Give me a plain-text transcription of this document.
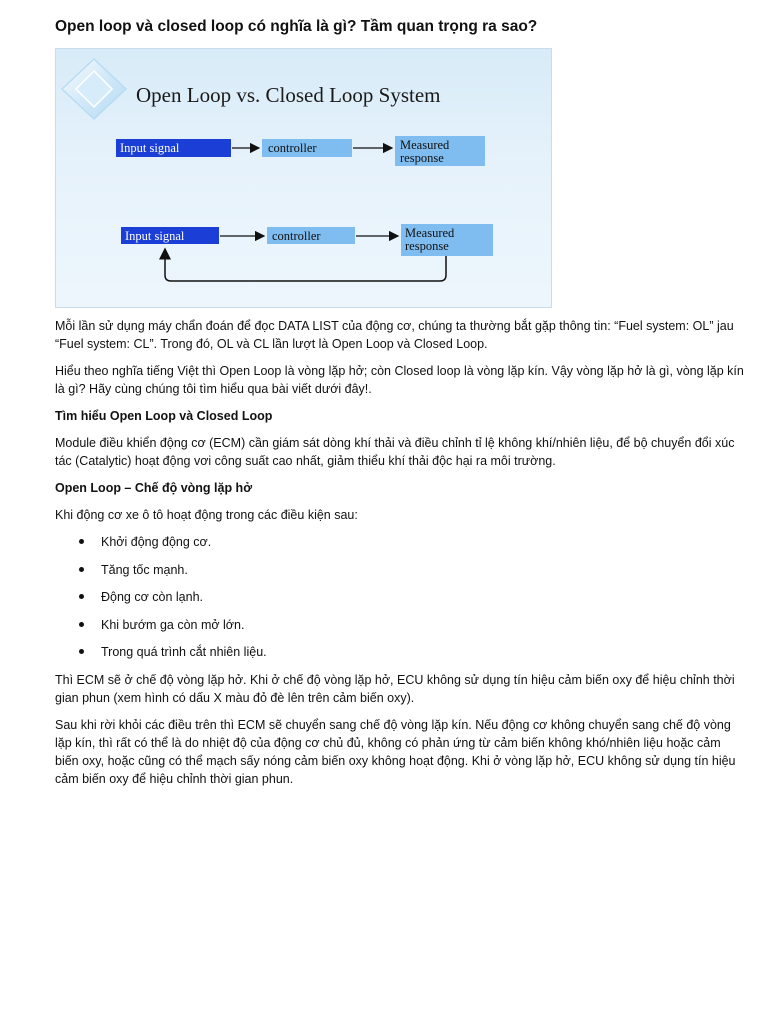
Open loop và closed loop có nghĩa là gì? Tầm quan trọng ra sao?
Open Loop vs. Closed Loop System
Input signal	controller	Measured
response
Input signal	controller	Measured
response

Mỗi lần sử dụng máy chẩn đoán để đọc DATA LIST của động cơ, chúng ta thường bắt gặp thông tin: “Fuel system: OL” jau “Fuel system: CL”. Trong đó, OL và CL lần lượt là Open Loop và Closed Loop.

Hiểu theo nghĩa tiếng Việt thì Open Loop là vòng lặp hở; còn Closed loop là vòng lặp kín. Vậy vòng lặp hở là gì, vòng lặp kín là gì? Hãy cùng chúng tôi tìm hiểu qua bài viết dưới đây!.

Tìm hiểu Open Loop và Closed Loop

Module điều khiển động cơ (ECM) cần giám sát dòng khí thải và điều chỉnh tỉ lệ không khí/nhiên liệu, để bộ chuyển đổi xúc tác (Catalytic) hoạt động vơi công suất cao nhất, giảm thiểu khí thải độc hại ra môi trường.

Open Loop – Chế độ vòng lặp hở

Khi động cơ xe ô tô hoạt động trong các điều kiện sau:

Khởi động động cơ.
Tăng tốc mạnh.
Động cơ còn lạnh.
Khi bướm ga còn mở lớn.
Trong quá trình cắt nhiên liệu.

Thì ECM sẽ ở chế độ vòng lặp hở. Khi ở chế độ vòng lặp hở, ECU không sử dụng tín hiệu cảm biến oxy để hiệu chỉnh thời gian phun (xem hình có dấu X màu đỏ đè lên trên cảm biến oxy).

Sau khi rời khỏi các điều trên thì ECM sẽ chuyển sang chế độ vòng lặp kín. Nếu động cơ không chuyển sang chế độ vòng lặp kín, thì rất có thể là do nhiệt độ của động cơ chủ đủ, không có phản ứng từ cảm biến không khó/nhiên liệu hoặc cảm biến oxy, hoặc cũng có thể mạch sấy nóng cảm biến oxy không hoạt động. Khi ở vòng lặp hở, ECU không sử dụng tín hiệu cảm biến oxy để hiệu chỉnh thời gian phun.
